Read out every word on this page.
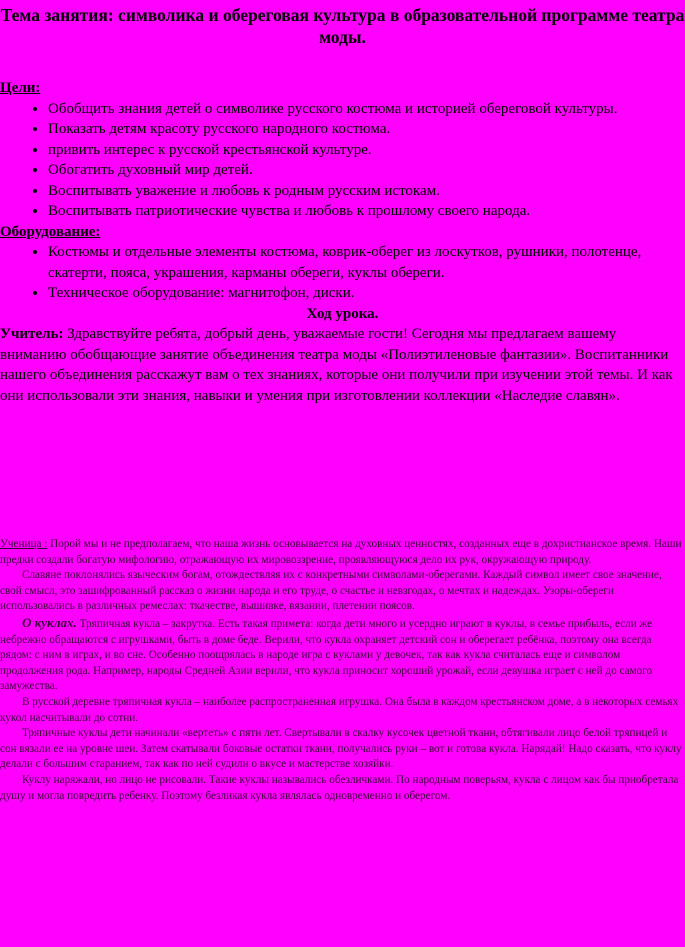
Тема занятия: символика и обереговая культура в образовательной программе театра моды.
Цели:
• Обобщить знания детей о символике русского костюма и историей обереговой культуры.
• Показать детям красоту русского народного костюма.
• привить интерес к русской крестьянской культуре.
• Обогатить духовный мир детей.
• Воспитывать уважение и любовь к родным русским истокам.
• Воспитывать патриотические чувства и любовь к прошлому своего народа.
Оборудование:
• Костюмы и отдельные элементы костюма, коврик-оберег из лоскутков, рушники, полотенце, скатерти, пояса, украшения, карманы обереги, куклы обереги.
• Техническое оборудование: магнитофон, диски.
Ход урока.

Учитель: Здравствуйте ребята, добрый день, уважаемые гости! Сегодня мы предлагаем вашему вниманию обобщающие занятие объединения театра моды «Полиэтиленовые фантазии». Воспитанники нашего объединения расскажут вам о тех знаниях, которые они получили при изучении этой темы. И как они использовали эти знания, навыки и умения при изготовлении коллекции «Наследие славян».

Ученица : Порой мы и не предполагаем, что наша жизнь основывается на духовных ценностях, созданных еще в дохристианское время. Наши предки создали богатую мифологию, отражающую их мировоззрение, проявляющуюся дело их рук, окружающую природу.

Славяне поклонялись языческим богам, отождествляя их с конкретными символами-оберегами. Каждый символ имеет свое значение, свой смысл, это зашифрованный рассказ о жизни народа и его труде, о счастье и невзгодах, о мечтах и надеждах. Узоры-обереги использовались в различных ремеслах: ткачестве, вышивке, вязании, плетении поясов.

О куклах. Тряпичная кукла – закрутка. Есть такая примета: когда дети много и усердно играют в куклы, в семье прибыль, если же небрежно обращаются с игрушками, быть в доме беде. Верили, что кукла охраняет детский сон и оберегает ребёнка, поэтому она всегда рядом: с ним в играх, и во сне. Особенно поощрялась в народе игра с куклами у девочек, так как кукла считалась еще и символом продолжения рода. Например, народы Средней Азии верили, что кукла приносит хороший урожай, если девушка играет с ней до самого замужества.

В русской деревне тряпичная кукла – наиболее распространенная игрушка. Она была в каждом крестьянском доме, а в некоторых семьях кукол насчитывали до сотни.

Тряпичные куклы дети начинали «вертеть» с пяти лет. Свертывали в скалку кусочек цветной ткани, обтягивали лицо белой тряпицей и сон вязали ее на уровне шеи. Затем скатывали боковые остатки ткани, получались руки – вот и готова кукла. Нарядай! Надо сказать, что куклу делали с большим старанием, так как по ней судили о вкусе и мастерстве хозяйки.

Куклу наряжали, но лицо не рисовали. Такие куклы назывались обезличками. По народным поверьям, кукла с лицом как бы приобретала душу и могла повредить ребенку. Поэтому безликая кукла являлась одновременно и оберегом.
